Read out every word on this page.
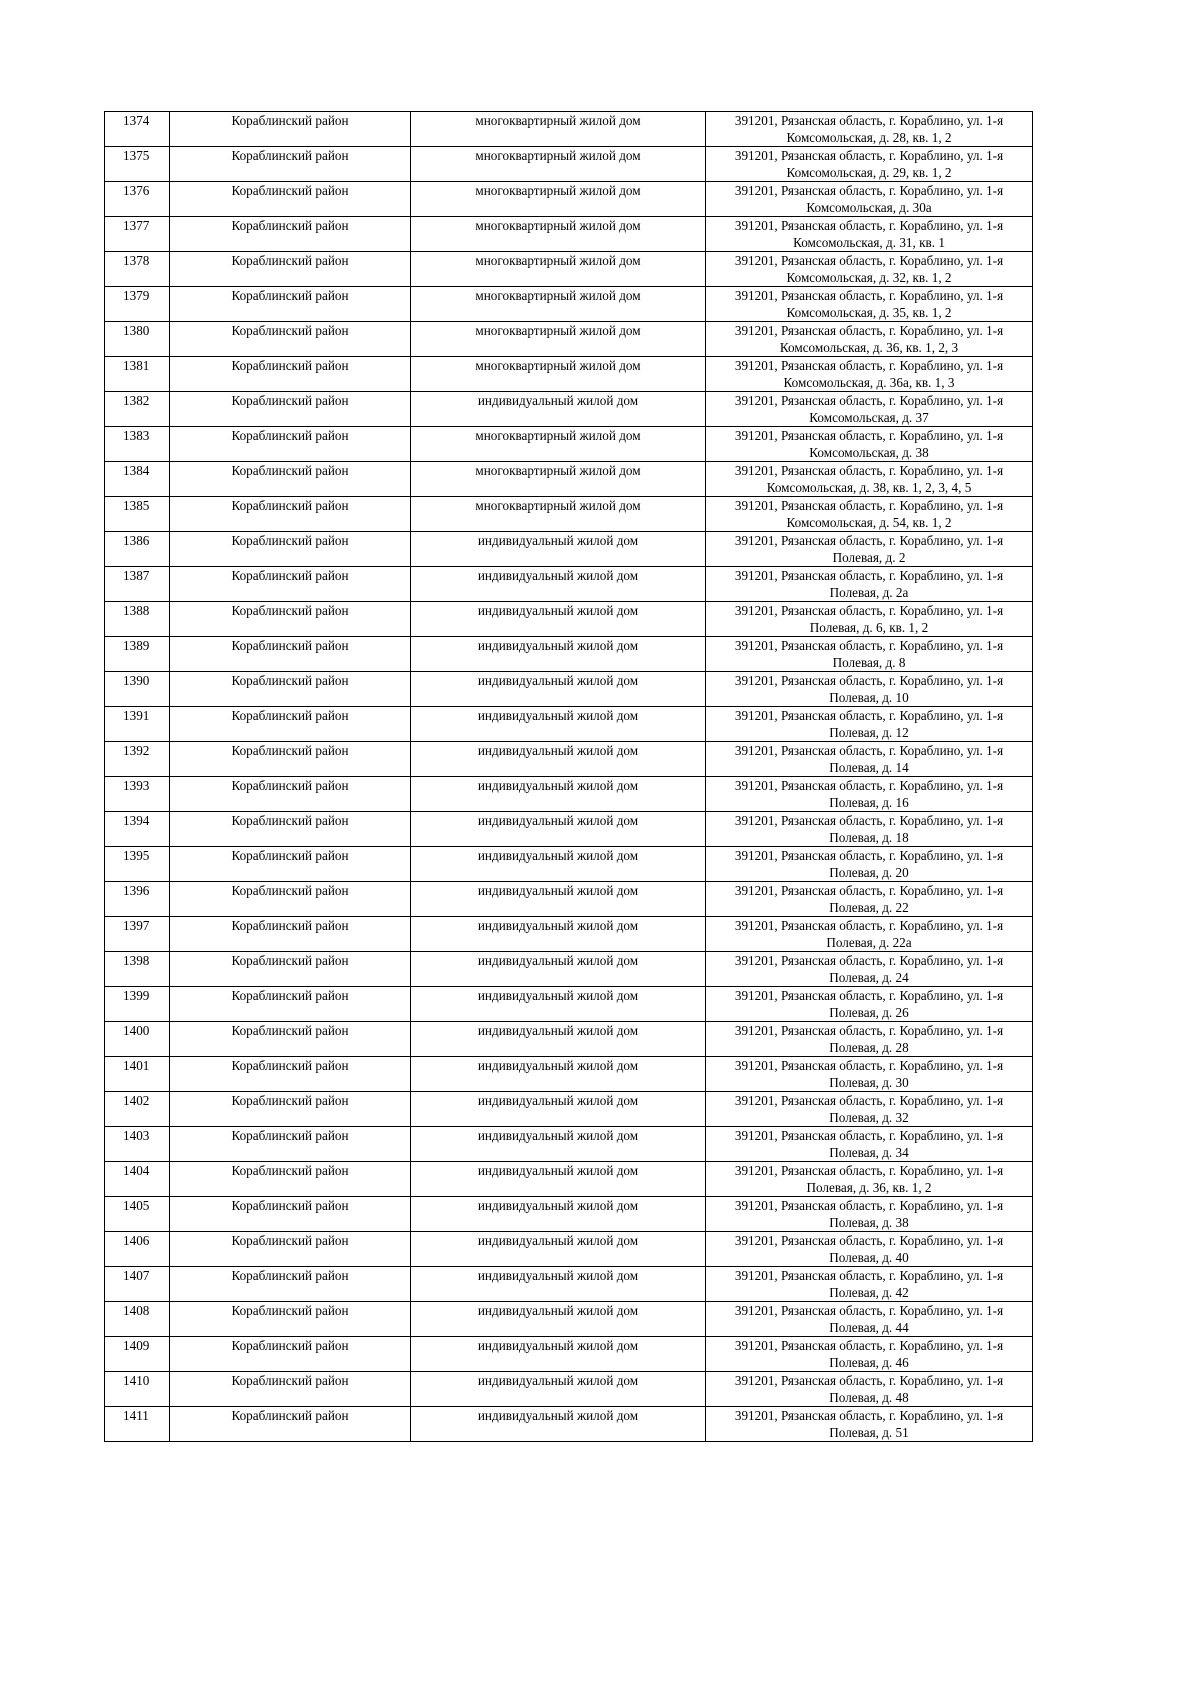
1374	Кораблинский район	многоквартирный жилой дом	391201, Рязанская область, г. Кораблино, ул. 1-я Комсомольская, д. 28, кв. 1, 2
1375	Кораблинский район	многоквартирный жилой дом	391201, Рязанская область, г. Кораблино, ул. 1-я Комсомольская, д. 29, кв. 1, 2
1376	Кораблинский район	многоквартирный жилой дом	391201, Рязанская область, г. Кораблино, ул. 1-я Комсомольская, д. 30а
1377	Кораблинский район	многоквартирный жилой дом	391201, Рязанская область, г. Кораблино, ул. 1-я Комсомольская, д. 31, кв. 1
1378	Кораблинский район	многоквартирный жилой дом	391201, Рязанская область, г. Кораблино, ул. 1-я Комсомольская, д. 32, кв. 1, 2
1379	Кораблинский район	многоквартирный жилой дом	391201, Рязанская область, г. Кораблино, ул. 1-я Комсомольская, д. 35, кв. 1, 2
1380	Кораблинский район	многоквартирный жилой дом	391201, Рязанская область, г. Кораблино, ул. 1-я Комсомольская, д. 36, кв. 1, 2, 3
1381	Кораблинский район	многоквартирный жилой дом	391201, Рязанская область, г. Кораблино, ул. 1-я Комсомольская, д. 36а, кв. 1, 3
1382	Кораблинский район	индивидуальный жилой дом	391201, Рязанская область, г. Кораблино, ул. 1-я Комсомольская, д. 37
1383	Кораблинский район	многоквартирный жилой дом	391201, Рязанская область, г. Кораблино, ул. 1-я Комсомольская, д. 38
1384	Кораблинский район	многоквартирный жилой дом	391201, Рязанская область, г. Кораблино, ул. 1-я Комсомольская, д. 38, кв. 1, 2, 3, 4, 5
1385	Кораблинский район	многоквартирный жилой дом	391201, Рязанская область, г. Кораблино, ул. 1-я Комсомольская, д. 54, кв. 1, 2
1386	Кораблинский район	индивидуальный жилой дом	391201, Рязанская область, г. Кораблино, ул. 1-я Полевая, д. 2
1387	Кораблинский район	индивидуальный жилой дом	391201, Рязанская область, г. Кораблино, ул. 1-я Полевая, д. 2а
1388	Кораблинский район	индивидуальный жилой дом	391201, Рязанская область, г. Кораблино, ул. 1-я Полевая, д. 6, кв. 1, 2
1389	Кораблинский район	индивидуальный жилой дом	391201, Рязанская область, г. Кораблино, ул. 1-я Полевая, д. 8
1390	Кораблинский район	индивидуальный жилой дом	391201, Рязанская область, г. Кораблино, ул. 1-я Полевая, д. 10
1391	Кораблинский район	индивидуальный жилой дом	391201, Рязанская область, г. Кораблино, ул. 1-я Полевая, д. 12
1392	Кораблинский район	индивидуальный жилой дом	391201, Рязанская область, г. Кораблино, ул. 1-я Полевая, д. 14
1393	Кораблинский район	индивидуальный жилой дом	391201, Рязанская область, г. Кораблино, ул. 1-я Полевая, д. 16
1394	Кораблинский район	индивидуальный жилой дом	391201, Рязанская область, г. Кораблино, ул. 1-я Полевая, д. 18
1395	Кораблинский район	индивидуальный жилой дом	391201, Рязанская область, г. Кораблино, ул. 1-я Полевая, д. 20
1396	Кораблинский район	индивидуальный жилой дом	391201, Рязанская область, г. Кораблино, ул. 1-я Полевая, д. 22
1397	Кораблинский район	индивидуальный жилой дом	391201, Рязанская область, г. Кораблино, ул. 1-я Полевая, д. 22а
1398	Кораблинский район	индивидуальный жилой дом	391201, Рязанская область, г. Кораблино, ул. 1-я Полевая, д. 24
1399	Кораблинский район	индивидуальный жилой дом	391201, Рязанская область, г. Кораблино, ул. 1-я Полевая, д. 26
1400	Кораблинский район	индивидуальный жилой дом	391201, Рязанская область, г. Кораблино, ул. 1-я Полевая, д. 28
1401	Кораблинский район	индивидуальный жилой дом	391201, Рязанская область, г. Кораблино, ул. 1-я Полевая, д. 30
1402	Кораблинский район	индивидуальный жилой дом	391201, Рязанская область, г. Кораблино, ул. 1-я Полевая, д. 32
1403	Кораблинский район	индивидуальный жилой дом	391201, Рязанская область, г. Кораблино, ул. 1-я Полевая, д. 34
1404	Кораблинский район	индивидуальный жилой дом	391201, Рязанская область, г. Кораблино, ул. 1-я Полевая, д. 36, кв. 1, 2
1405	Кораблинский район	индивидуальный жилой дом	391201, Рязанская область, г. Кораблино, ул. 1-я Полевая, д. 38
1406	Кораблинский район	индивидуальный жилой дом	391201, Рязанская область, г. Кораблино, ул. 1-я Полевая, д. 40
1407	Кораблинский район	индивидуальный жилой дом	391201, Рязанская область, г. Кораблино, ул. 1-я Полевая, д. 42
1408	Кораблинский район	индивидуальный жилой дом	391201, Рязанская область, г. Кораблино, ул. 1-я Полевая, д. 44
1409	Кораблинский район	индивидуальный жилой дом	391201, Рязанская область, г. Кораблино, ул. 1-я Полевая, д. 46
1410	Кораблинский район	индивидуальный жилой дом	391201, Рязанская область, г. Кораблино, ул. 1-я Полевая, д. 48
1411	Кораблинский район	индивидуальный жилой дом	391201, Рязанская область, г. Кораблино, ул. 1-я Полевая, д. 51
